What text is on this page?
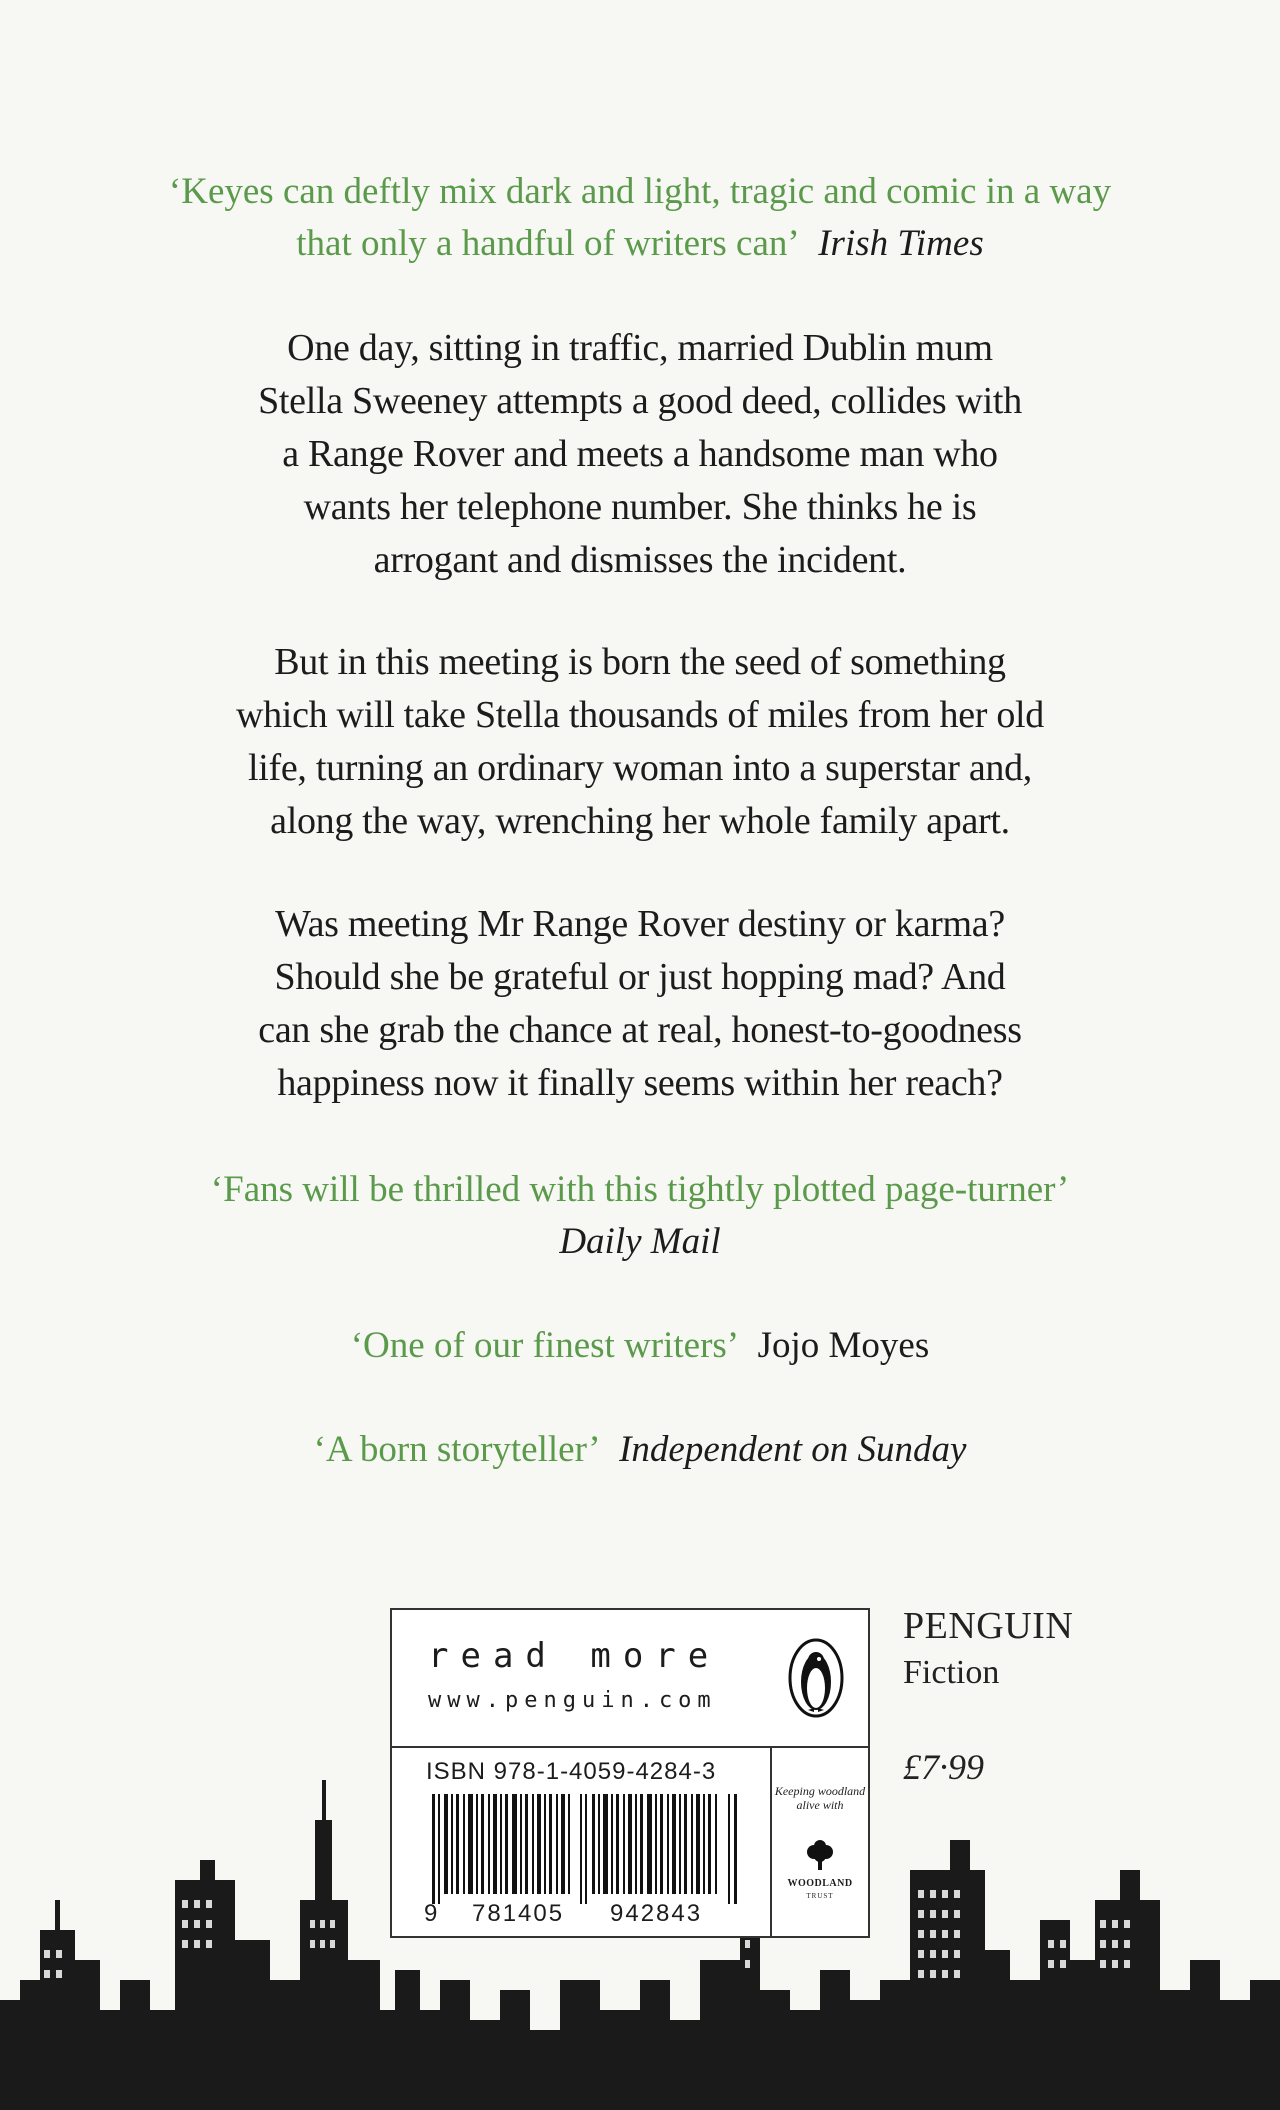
‘Keyes can deftly mix dark and light, tragic and comic in a way
that only a handful of writers can’ Irish Times
One day, sitting in traffic, married Dublin mum
Stella Sweeney attempts a good deed, collides with
a Range Rover and meets a handsome man who
wants her telephone number. She thinks he is
arrogant and dismisses the incident.
But in this meeting is born the seed of something
which will take Stella thousands of miles from her old
life, turning an ordinary woman into a superstar and,
along the way, wrenching her whole family apart.
Was meeting Mr Range Rover destiny or karma?
Should she be grateful or just hopping mad? And
can she grab the chance at real, honest-to-goodness
happiness now it finally seems within her reach?
‘Fans will be thrilled with this tightly plotted page-turner’
Daily Mail
‘One of our finest writers’ Jojo Moyes
‘A born storyteller’ Independent on Sunday
read more
www.penguin.com
ISBN 978-1-4059-4284-3
9 781405 942843
Keeping woodland alive with
WOODLAND
TRUST
PENGUIN
Fiction
£7·99
